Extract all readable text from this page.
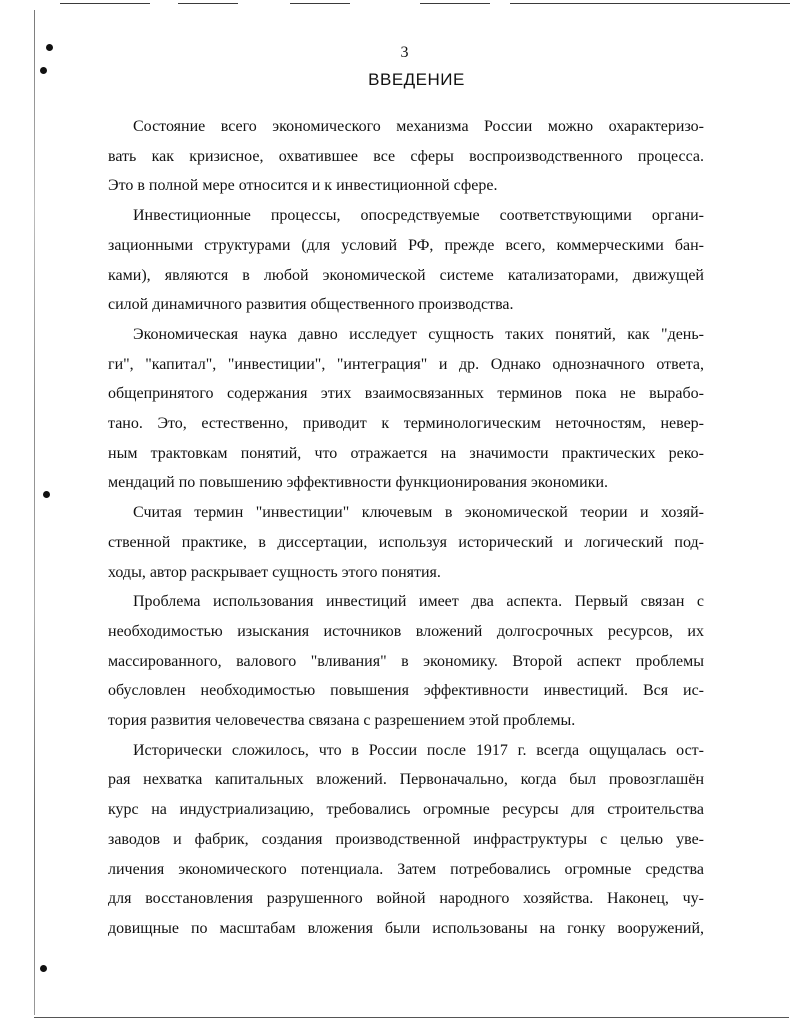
3
ВВЕДЕНИЕ

Состояние всего экономического механизма России можно охарактеризо-
вать как кризисное, охватившее все сферы воспроизводственного процесса.
Это в полной мере относится и к инвестиционной сфере.

Инвестиционные процессы, опосредствуемые соответствующими органи-
зационными структурами (для условий РФ, прежде всего, коммерческими бан-
ками), являются в любой экономической системе катализаторами, движущей
силой динамичного развития общественного производства.

Экономическая наука давно исследует сущность таких понятий, как "день-
ги", "капитал", "инвестиции", "интеграция" и др. Однако однозначного ответа,
общепринятого содержания этих взаимосвязанных терминов пока не вырабо-
тано. Это, естественно, приводит к терминологическим неточностям, невер-
ным трактовкам понятий, что отражается на значимости практических реко-
мендаций по повышению эффективности функционирования экономики.

Считая термин "инвестиции" ключевым в экономической теории и хозяй-
ственной практике, в диссертации, используя исторический и логический под-
ходы, автор раскрывает сущность этого понятия.

Проблема использования инвестиций имеет два аспекта. Первый связан с
необходимостью изыскания источников вложений долгосрочных ресурсов, их
массированного, валового "вливания" в экономику. Второй аспект проблемы
обусловлен необходимостью повышения эффективности инвестиций. Вся ис-
тория развития человечества связана с разрешением этой проблемы.

Исторически сложилось, что в России после 1917 г. всегда ощущалась ост-
рая нехватка капитальных вложений. Первоначально, когда был провозглашён
курс на индустриализацию, требовались огромные ресурсы для строительства
заводов и фабрик, создания производственной инфраструктуры с целью уве-
личения экономического потенциала. Затем потребовались огромные средства
для восстановления разрушенного войной народного хозяйства. Наконец, чу-
довищные по масштабам вложения были использованы на гонку вооружений,
